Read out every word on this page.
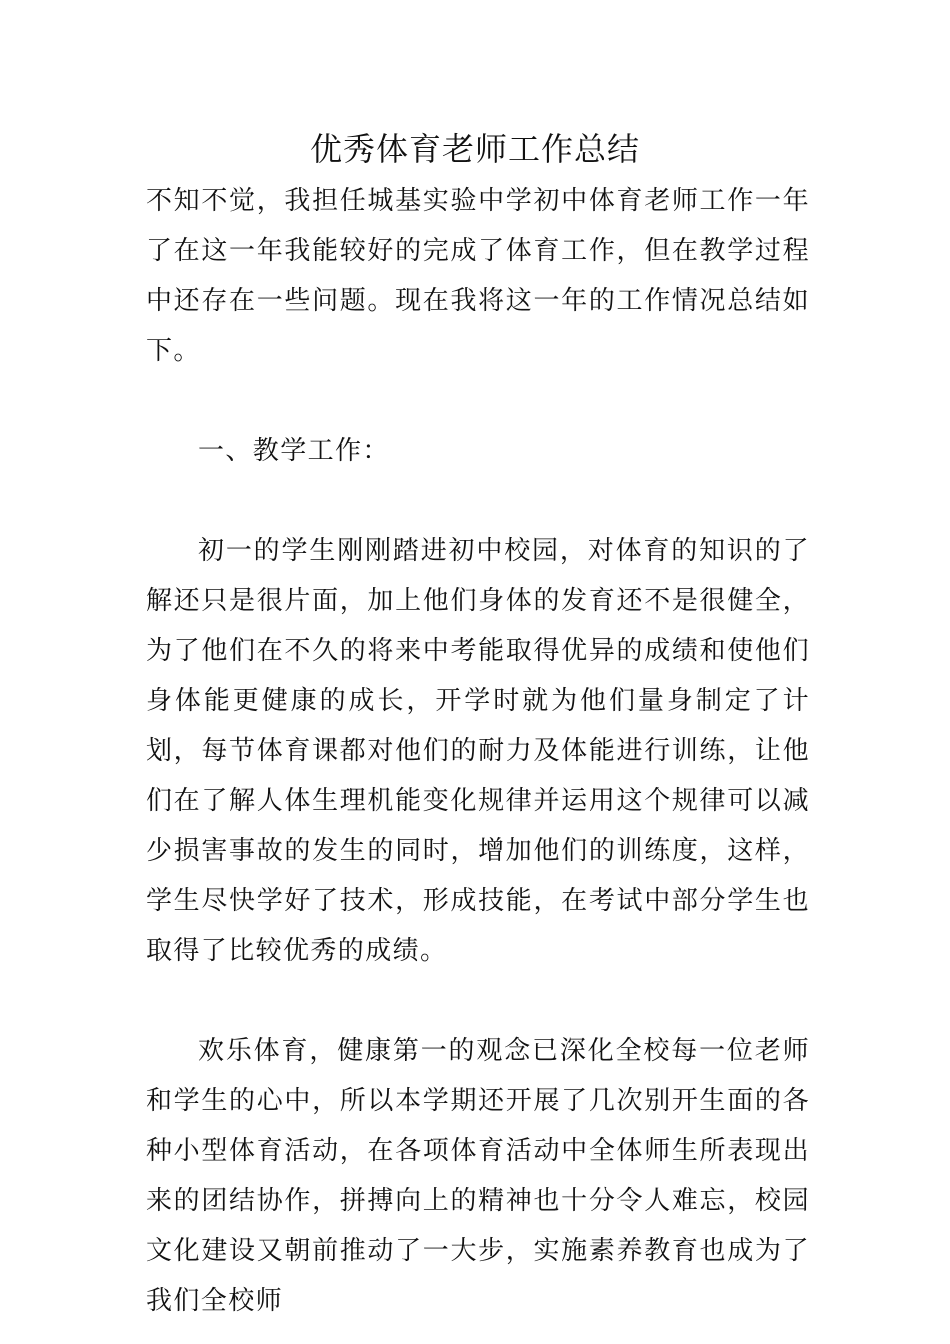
优秀体育老师工作总结

不知不觉，我担任城基实验中学初中体育老师工作一年了在这一年我能较好的完成了体育工作，但在教学过程中还存在一些问题。现在我将这一年的工作情况总结如下。

一、教学工作：

初一的学生刚刚踏进初中校园，对体育的知识的了解还只是很片面，加上他们身体的发育还不是很健全，为了他们在不久的将来中考能取得优异的成绩和使他们身体能更健康的成长，开学时就为他们量身制定了计划，每节体育课都对他们的耐力及体能进行训练，让他们在了解人体生理机能变化规律并运用这个规律可以减少损害事故的发生的同时，增加他们的训练度，这样，学生尽快学好了技术，形成技能，在考试中部分学生也取得了比较优秀的成绩。

欢乐体育，健康第一的观念已深化全校每一位老师和学生的心中，所以本学期还开展了几次别开生面的各种小型体育活动，在各项体育活动中全体师生所表现出来的团结协作，拼搏向上的精神也十分令人难忘，校园文化建设又朝前推动了一大步，实施素养教育也成为了我们全校师
